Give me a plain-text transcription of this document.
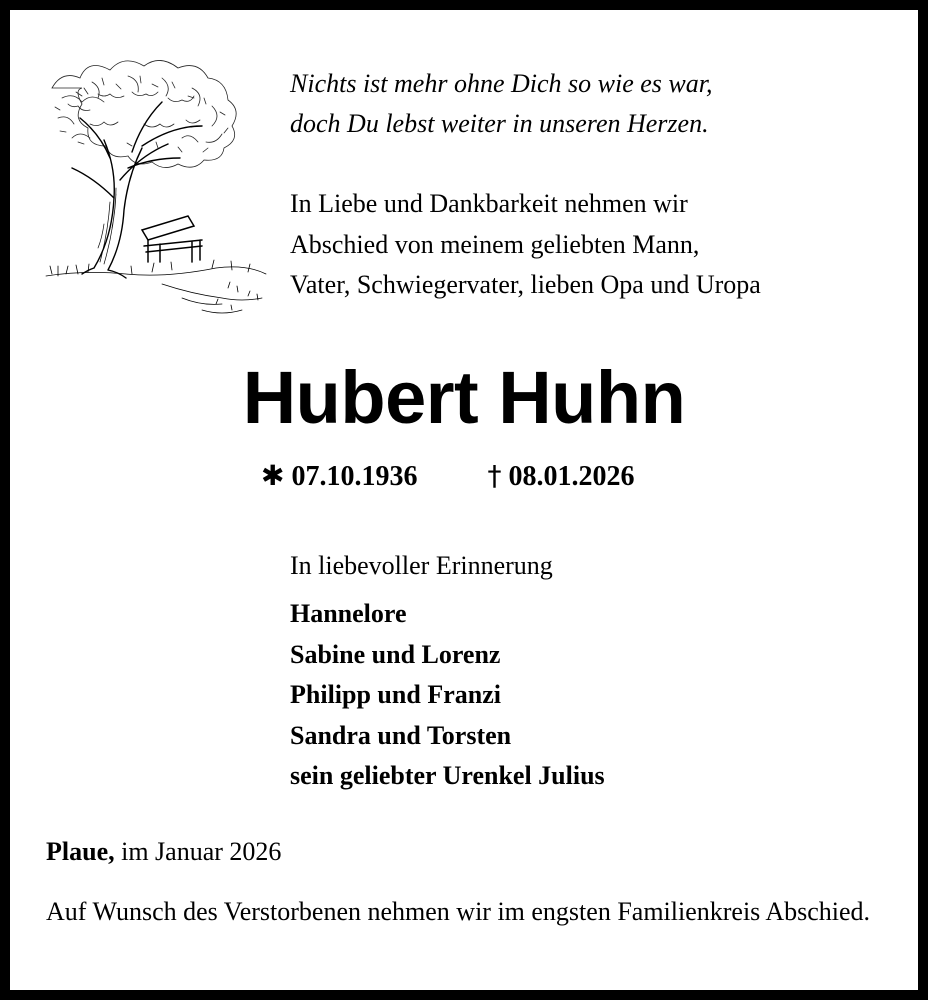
Nichts ist mehr ohne Dich so wie es war,
doch Du lebst weiter in unseren Herzen.
In Liebe und Dankbarkeit nehmen wir
Abschied von meinem geliebten Mann,
Vater, Schwiegervater, lieben Opa und Uropa
Hubert Huhn
✱ 07.10.1936	† 08.01.2026
In liebevoller Erinnerung
Hannelore
Sabine und Lorenz
Philipp und Franzi
Sandra und Torsten
sein geliebter Urenkel Julius
Plaue, im Januar 2026
Auf Wunsch des Verstorbenen nehmen wir im engsten Familienkreis Abschied.
